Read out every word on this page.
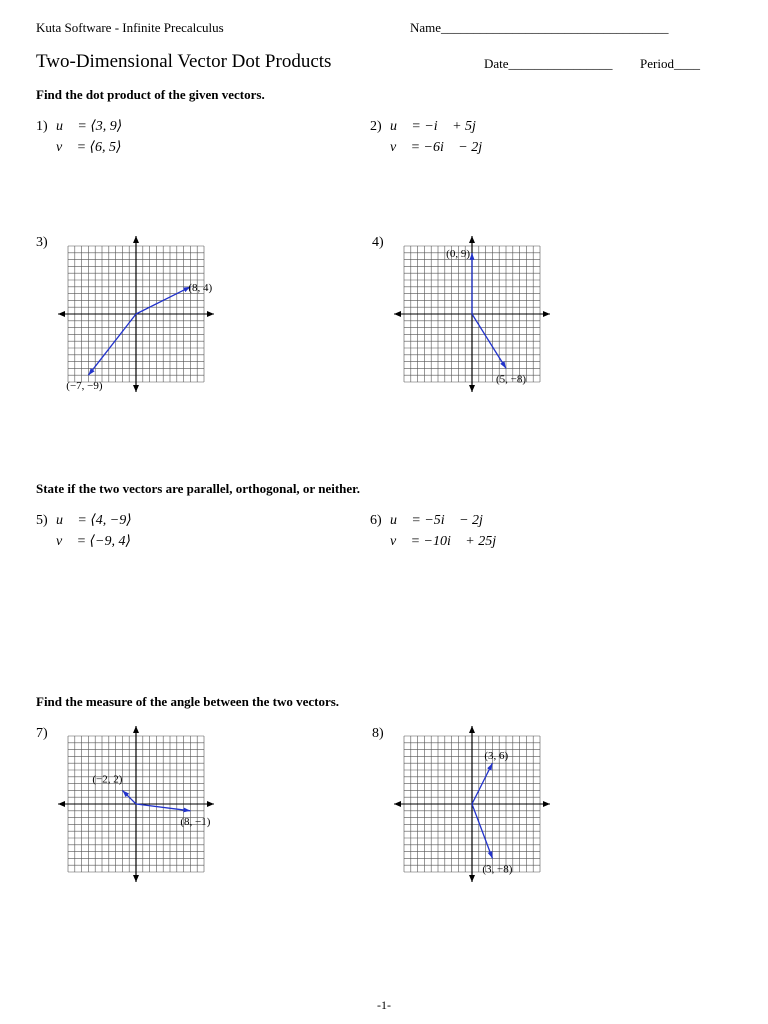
Kuta Software - Infinite Precalculus	Name___________________________________
Two-Dimensional Vector Dot Products	Date________________ Period____
Find the dot product of the given vectors.
1) u⃗ = ⟨3, 9⟩
v⃗ = ⟨6, 5⟩
2) u⃗ = −i⃗ + 5j⃗
v⃗ = −6i⃗ − 2j⃗
3)	4)
(8, 4)
(−7, −9)
(0, 9)
(5, −8)
State if the two vectors are parallel, orthogonal, or neither.
5) u⃗ = ⟨4, −9⟩
v⃗ = ⟨−9, 4⟩
6) u⃗ = −5i⃗ − 2j⃗
v⃗ = −10i⃗ + 25j⃗
Find the measure of the angle between the two vectors.
7)	8)
(−2, 2)
(8, −1)
(3, 6)
(3, −8)
-1-
